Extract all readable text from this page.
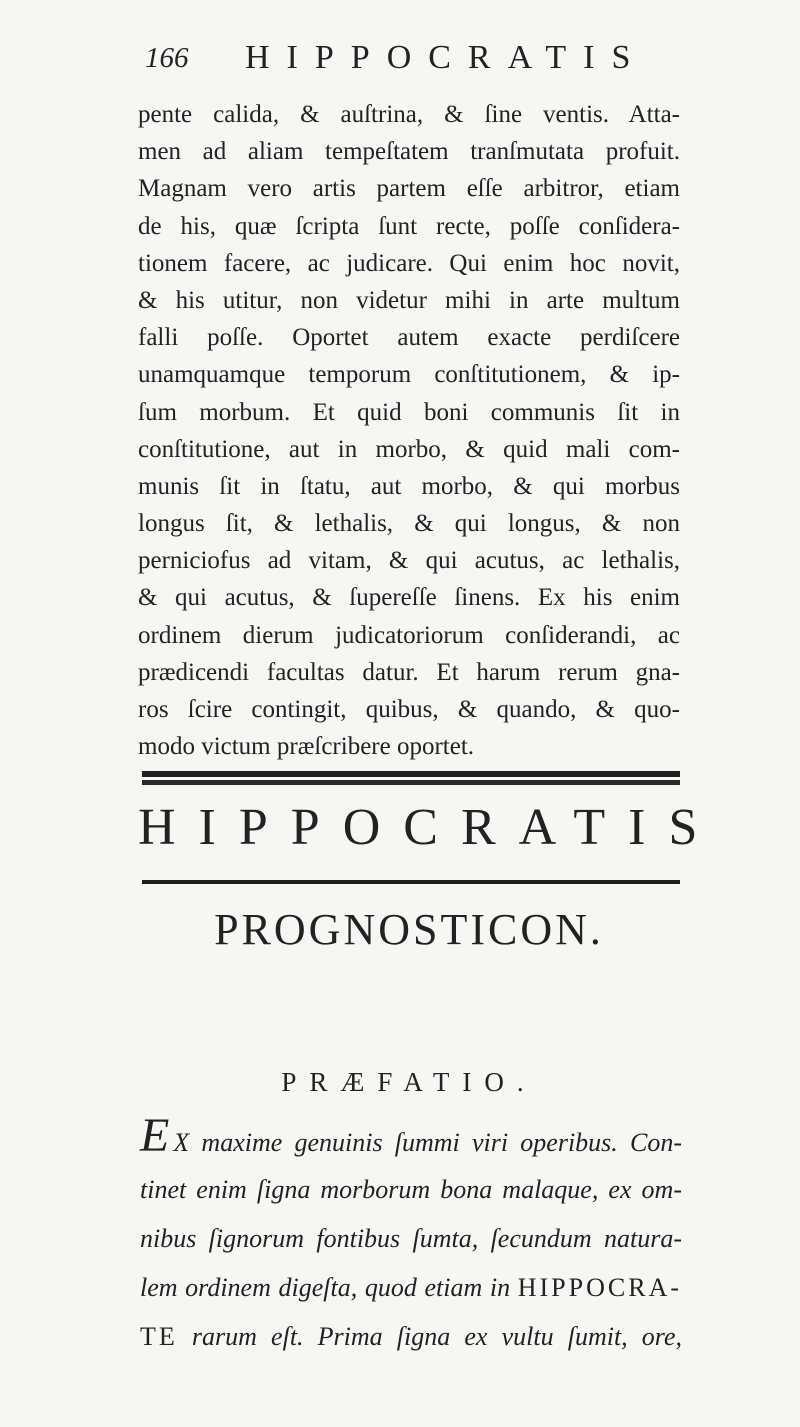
166 HIPPOCRATIS
pente calida, & auſtrina, & ſine ventis. Atta-
men ad aliam tempeſtatem tranſmutata profuit.
Magnam vero artis partem eſſe arbitror, etiam
de his, quæ ſcripta ſunt recte, poſſe conſidera-
tionem facere, ac judicare. Qui enim hoc novit,
& his utitur, non videtur mihi in arte multum
falli poſſe. Oportet autem exacte perdiſcere
unamquamque temporum conſtitutionem, & ip-
ſum morbum. Et quid boni communis ſit in
conſtitutione, aut in morbo, & quid mali com-
munis ſit in ſtatu, aut morbo, & qui morbus
longus ſit, & lethalis, & qui longus, & non
perniciofus ad vitam, & qui acutus, ac lethalis,
& qui acutus, & ſupereſſe ſinens. Ex his enim
ordinem dierum judicatoriorum conſiderandi, ac
prædicendi facultas datur. Et harum rerum gna-
ros ſcire contingit, quibus, & quando, & quo-
modo victum præſcribere oportet.
HIPPOCRATIS
PROGNOSTICON.
PRÆFATIO.
E X maxime genuinis ſummi viri operibus. Con-
tinet enim ſigna morborum bona malaque, ex om-
nibus ſignorum fontibus ſumta, ſecundum natura-
lem ordinem digeſta, quod etiam in HIPPOCRA-
TE rarum eſt. Prima ſigna ex vultu ſumit, ore,
